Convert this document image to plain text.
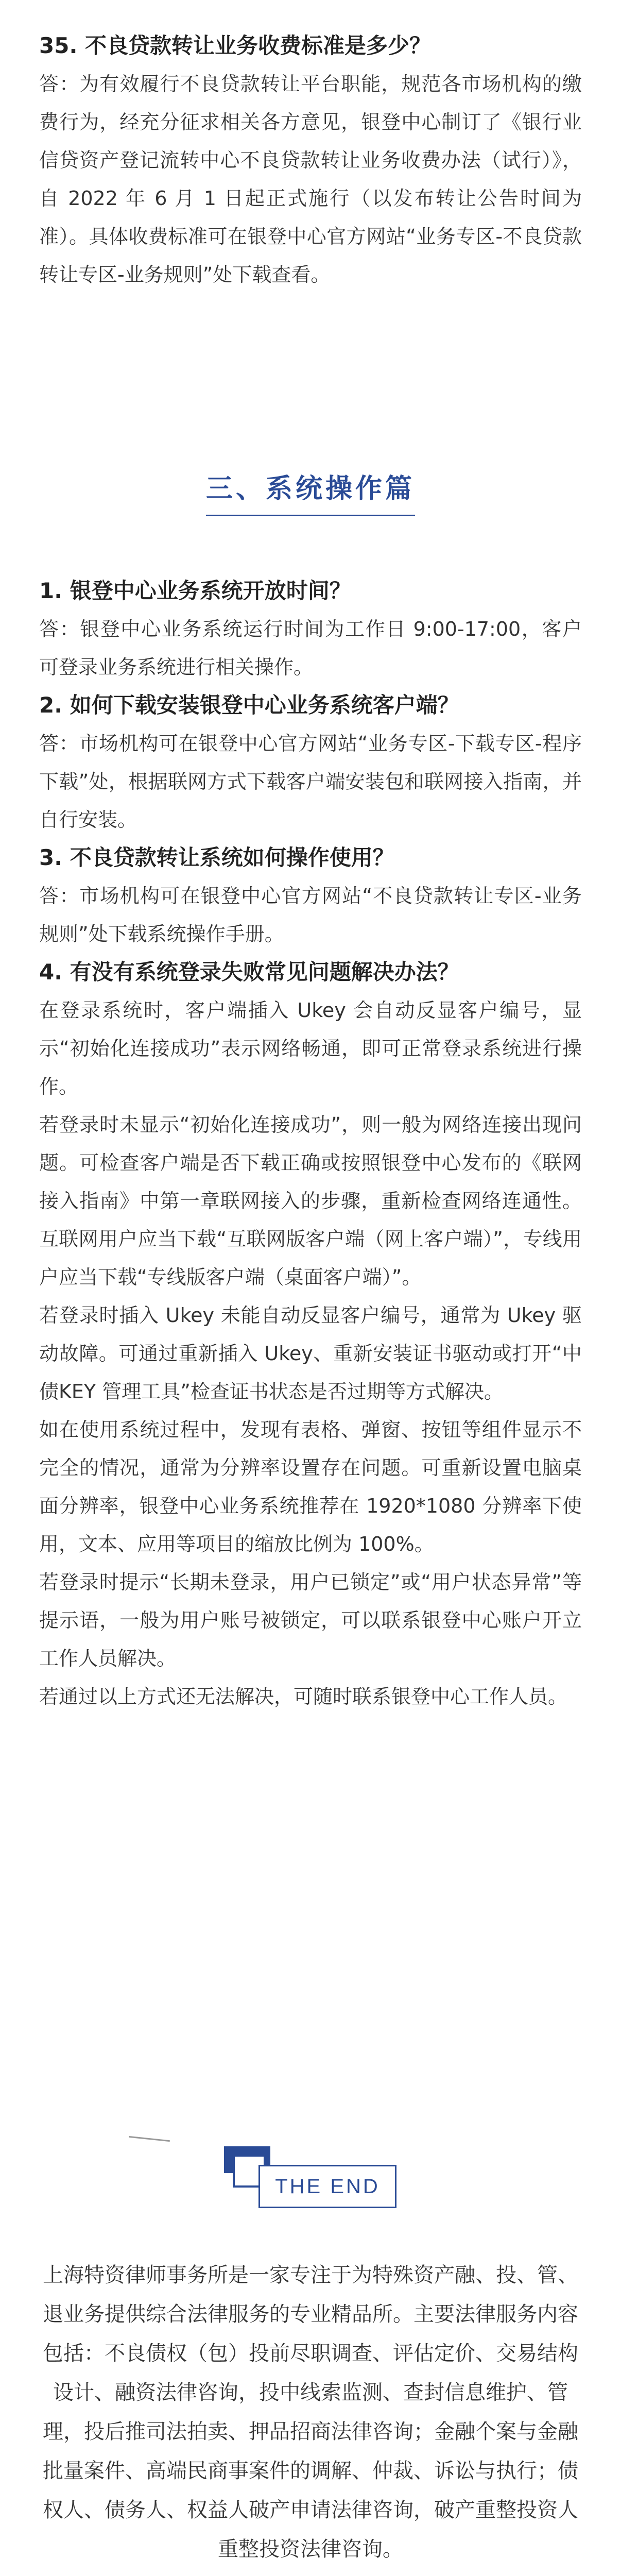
35. 不良贷款转让业务收费标准是多少？

答：为有效履行不良贷款转让平台职能，规范各市场机构的缴费行为，经充分征求相关各方意见，银登中心制订了《银行业信贷资产登记流转中心不良贷款转让业务收费办法（试行）》，自 2022 年 6 月 1 日起正式施行（以发布转让公告时间为准）。具体收费标准可在银登中心官方网站“业务专区-不良贷款转让专区-业务规则”处下载查看。

三、系统操作篇

1. 银登中心业务系统开放时间？

答：银登中心业务系统运行时间为工作日 9:00-17:00，客户可登录业务系统进行相关操作。

2. 如何下载安装银登中心业务系统客户端？

答：市场机构可在银登中心官方网站“业务专区-下载专区-程序下载”处，根据联网方式下载客户端安装包和联网接入指南，并自行安装。

3. 不良贷款转让系统如何操作使用？

答：市场机构可在银登中心官方网站“不良贷款转让专区-业务规则”处下载系统操作手册。

4. 有没有系统登录失败常见问题解决办法？

在登录系统时，客户端插入 Ukey 会自动反显客户编号，显示“初始化连接成功”表示网络畅通，即可正常登录系统进行操作。

若登录时未显示“初始化连接成功”，则一般为网络连接出现问题。可检查客户端是否下载正确或按照银登中心发布的《联网接入指南》中第一章联网接入的步骤，重新检查网络连通性。互联网用户应当下载“互联网版客户端（网上客户端）”，专线用户应当下载“专线版客户端（桌面客户端）”。

若登录时插入 Ukey 未能自动反显客户编号，通常为 Ukey 驱动故障。可通过重新插入 Ukey、重新安装证书驱动或打开“中债KEY 管理工具”检查证书状态是否过期等方式解决。

如在使用系统过程中，发现有表格、弹窗、按钮等组件显示不完全的情况，通常为分辨率设置存在问题。可重新设置电脑桌面分辨率，银登中心业务系统推荐在 1920*1080 分辨率下使用，文本、应用等项目的缩放比例为 100%。

若登录时提示“长期未登录，用户已锁定”或“用户状态异常”等提示语，一般为用户账号被锁定，可以联系银登中心账户开立工作人员解决。

若通过以上方式还无法解决，可随时联系银登中心工作人员。

THE END

上海特资律师事务所是一家专注于为特殊资产融、投、管、退业务提供综合法律服务的专业精品所。主要法律服务内容包括：不良债权（包）投前尽职调查、评估定价、交易结构设计、融资法律咨询，投中线索监测、查封信息维护、管理，投后推司法拍卖、押品招商法律咨询；金融个案与金融批量案件、高端民商事案件的调解、仲裁、诉讼与执行；债权人、债务人、权益人破产申请法律咨询，破产重整投资人重整投资法律咨询。
